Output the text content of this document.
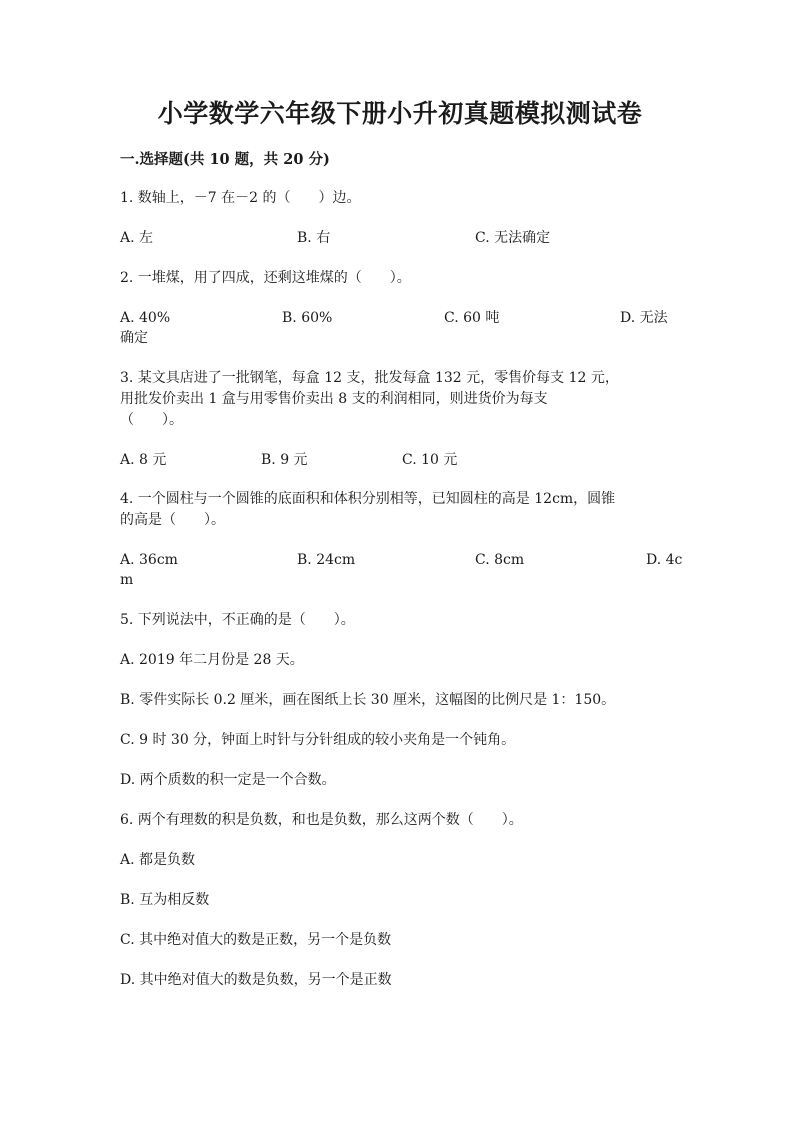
小学数学六年级下册小升初真题模拟测试卷
一.选择题(共 10 题，共 20 分)
1. 数轴上，－7 在－2 的（　　）边。
A. 左	B. 右	C. 无法确定
2. 一堆煤，用了四成，还剩这堆煤的（　　）。
A. 40%	B. 60%	C. 60 吨	D. 无法
确定
3. 某文具店进了一批钢笔，每盒 12 支，批发每盒 132 元，零售价每支 12 元，
用批发价卖出 1 盒与用零售价卖出 8 支的利润相同，则进货价为每支
（　　）。
A. 8 元	B. 9 元	C. 10 元
4. 一个圆柱与一个圆锥的底面积和体积分别相等，已知圆柱的高是 12cm，圆锥
的高是（　　）。
A. 36cm	B. 24cm	C. 8cm	D. 4c
m
5. 下列说法中，不正确的是（　　）。
A. 2019 年二月份是 28 天。
B. 零件实际长 0.2 厘米，画在图纸上长 30 厘米，这幅图的比例尺是 1：150。
C. 9 时 30 分，钟面上时针与分针组成的较小夹角是一个钝角。
D. 两个质数的积一定是一个合数。
6. 两个有理数的积是负数，和也是负数，那么这两个数（　　）。
A. 都是负数
B. 互为相反数
C. 其中绝对值大的数是正数，另一个是负数
D. 其中绝对值大的数是负数，另一个是正数
